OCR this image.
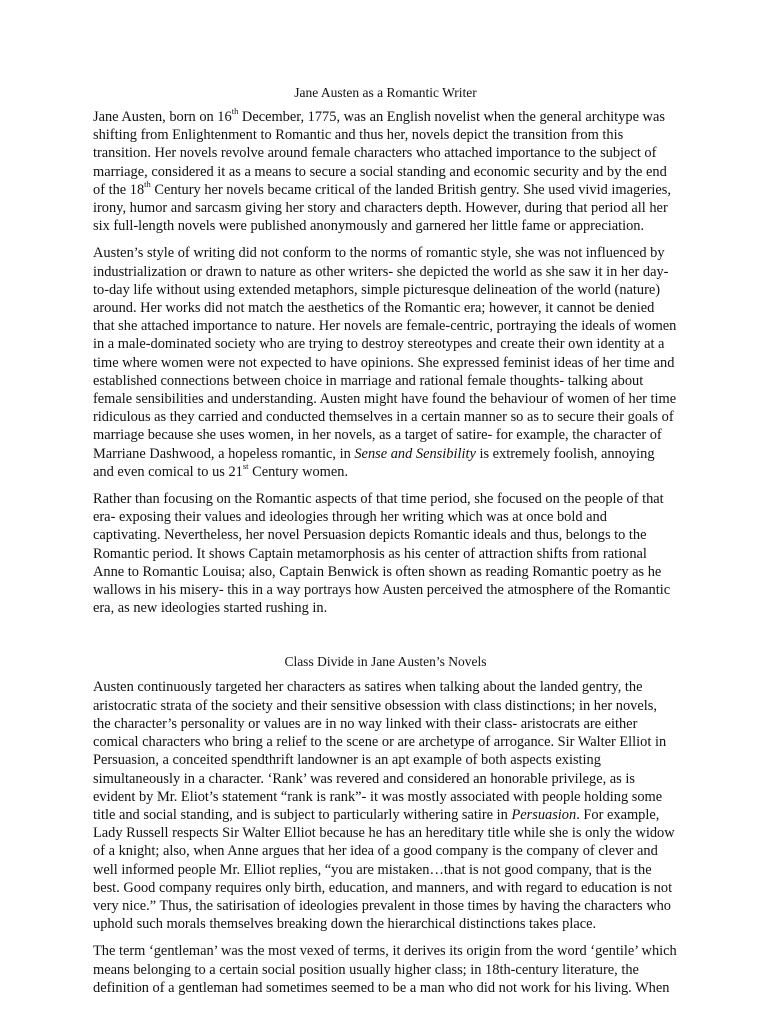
Jane Austen as a Romantic Writer

Jane Austen, born on 16th December, 1775, was an English novelist when the general architype was shifting from Enlightenment to Romantic and thus her, novels depict the transition from this transition. Her novels revolve around female characters who attached importance to the subject of marriage, considered it as a means to secure a social standing and economic security and by the end of the 18th Century her novels became critical of the landed British gentry. She used vivid imageries, irony, humor and sarcasm giving her story and characters depth. However, during that period all her six full-length novels were published anonymously and garnered her little fame or appreciation.

Austen’s style of writing did not conform to the norms of romantic style, she was not influenced by industrialization or drawn to nature as other writers- she depicted the world as she saw it in her day-to-day life without using extended metaphors, simple picturesque delineation of the world (nature) around. Her works did not match the aesthetics of the Romantic era; however, it cannot be denied that she attached importance to nature. Her novels are female-centric, portraying the ideals of women in a male-dominated society who are trying to destroy stereotypes and create their own identity at a time where women were not expected to have opinions. She expressed feminist ideas of her time and established connections between choice in marriage and rational female thoughts- talking about female sensibilities and understanding. Austen might have found the behaviour of women of her time ridiculous as they carried and conducted themselves in a certain manner so as to secure their goals of marriage because she uses women, in her novels, as a target of satire- for example, the character of Marriane Dashwood, a hopeless romantic, in Sense and Sensibility is extremely foolish, annoying and even comical to us 21st Century women.

Rather than focusing on the Romantic aspects of that time period, she focused on the people of that era- exposing their values and ideologies through her writing which was at once bold and captivating. Nevertheless, her novel Persuasion depicts Romantic ideals and thus, belongs to the Romantic period. It shows Captain metamorphosis as his center of attraction shifts from rational Anne to Romantic Louisa; also, Captain Benwick is often shown as reading Romantic poetry as he wallows in his misery- this in a way portrays how Austen perceived the atmosphere of the Romantic era, as new ideologies started rushing in.

Class Divide in Jane Austen’s Novels

Austen continuously targeted her characters as satires when talking about the landed gentry, the aristocratic strata of the society and their sensitive obsession with class distinctions; in her novels, the character’s personality or values are in no way linked with their class- aristocrats are either comical characters who bring a relief to the scene or are archetype of arrogance. Sir Walter Elliot in Persuasion, a conceited spendthrift landowner is an apt example of both aspects existing simultaneously in a character. ‘Rank’ was revered and considered an honorable privilege, as is evident by Mr. Eliot’s statement “rank is rank”- it was mostly associated with people holding some title and social standing, and is subject to particularly withering satire in Persuasion. For example, Lady Russell respects Sir Walter Elliot because he has an hereditary title while she is only the widow of a knight; also, when Anne argues that her idea of a good company is the company of clever and well informed people Mr. Elliot replies, “you are mistaken…that is not good company, that is the best. Good company requires only birth, education, and manners, and with regard to education is not very nice.” Thus, the satirisation of ideologies prevalent in those times by having the characters who uphold such morals themselves breaking down the hierarchical distinctions takes place.

The term ‘gentleman’ was the most vexed of terms, it derives its origin from the word ‘gentile’ which means belonging to a certain social position usually higher class; in 18th-century literature, the definition of a gentleman had sometimes seemed to be a man who did not work for his living. When
